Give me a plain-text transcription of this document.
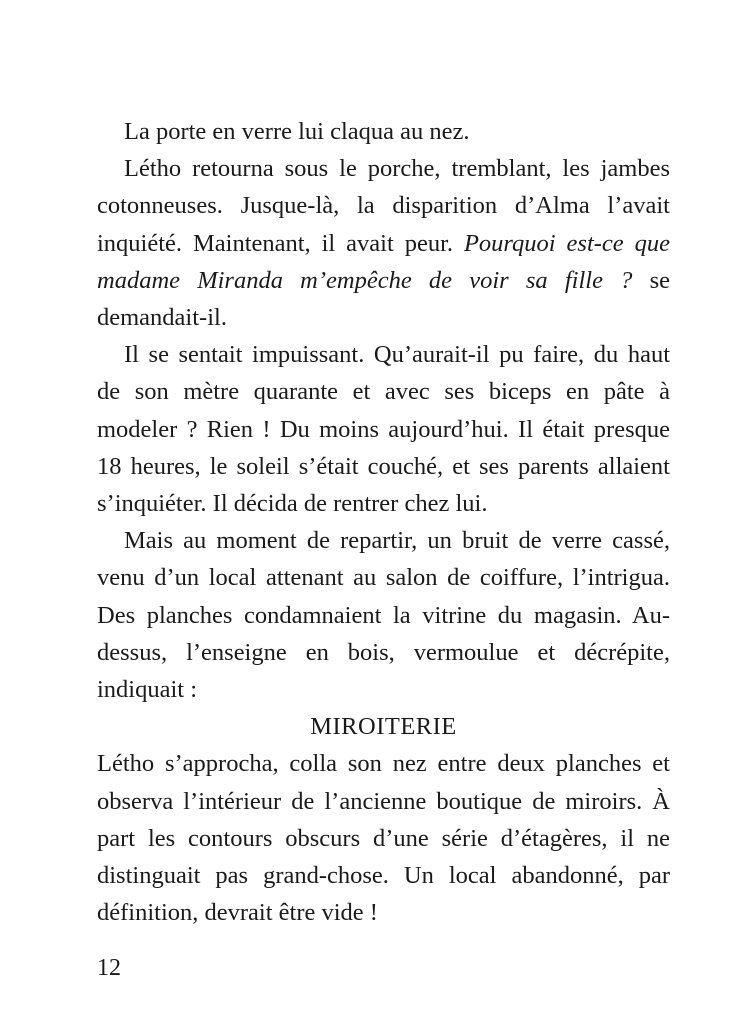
La porte en verre lui claqua au nez.

Létho retourna sous le porche, tremblant, les jambes cotonneuses. Jusque-là, la disparition d’Alma l’avait inquiété. Maintenant, il avait peur. Pourquoi est-ce que madame Miranda m’empêche de voir sa fille ? se demandait-il.

Il se sentait impuissant. Qu’aurait-il pu faire, du haut de son mètre quarante et avec ses biceps en pâte à modeler ? Rien ! Du moins aujourd’hui. Il était presque 18 heures, le soleil s’était couché, et ses parents allaient s’inquiéter. Il décida de rentrer chez lui.

Mais au moment de repartir, un bruit de verre cassé, venu d’un local attenant au salon de coiffure, l’intrigua. Des planches condamnaient la vitrine du magasin. Au-dessus, l’enseigne en bois, vermoulue et décrépite, indiquait :

MIROITERIE

Létho s’approcha, colla son nez entre deux planches et observa l’intérieur de l’ancienne boutique de miroirs. À part les contours obscurs d’une série d’étagères, il ne distinguait pas grand-chose. Un local abandonné, par définition, devrait être vide !

12
